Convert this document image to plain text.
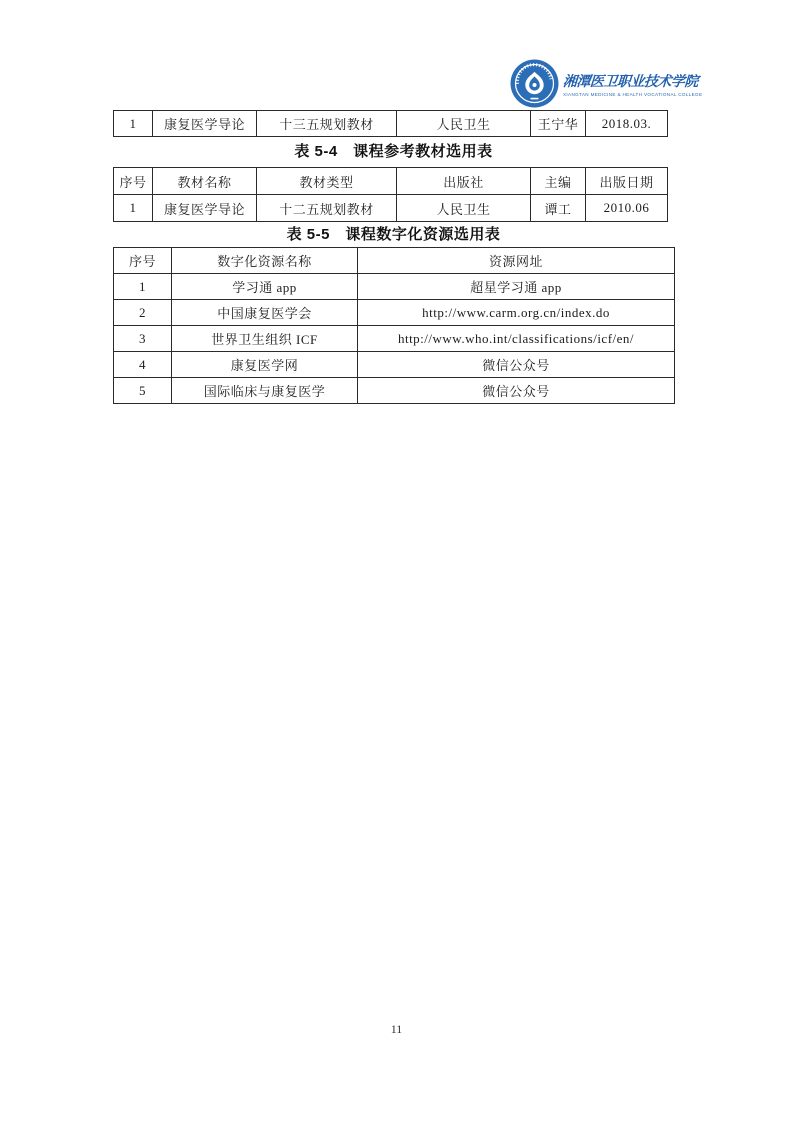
湘潭医卫职业技术学院
XIANGTAN MEDICINE & HEALTH VOCATIONAL COLLEGE
1	康复医学导论	十三五规划教材	人民卫生	王宁华	2018.03.
表 5-4　课程参考教材选用表
序号	教材名称	教材类型	出版社	主编	出版日期
1	康复医学导论	十二五规划教材	人民卫生	谭工	2010.06
表 5-5　课程数字化资源选用表
序号	数字化资源名称	资源网址
1	学习通 app	超星学习通 app
2	中国康复医学会	http://www.carm.org.cn/index.do
3	世界卫生组织 ICF	http://www.who.int/classifications/icf/en/
4	康复医学网	微信公众号
5	国际临床与康复医学	微信公众号
11
